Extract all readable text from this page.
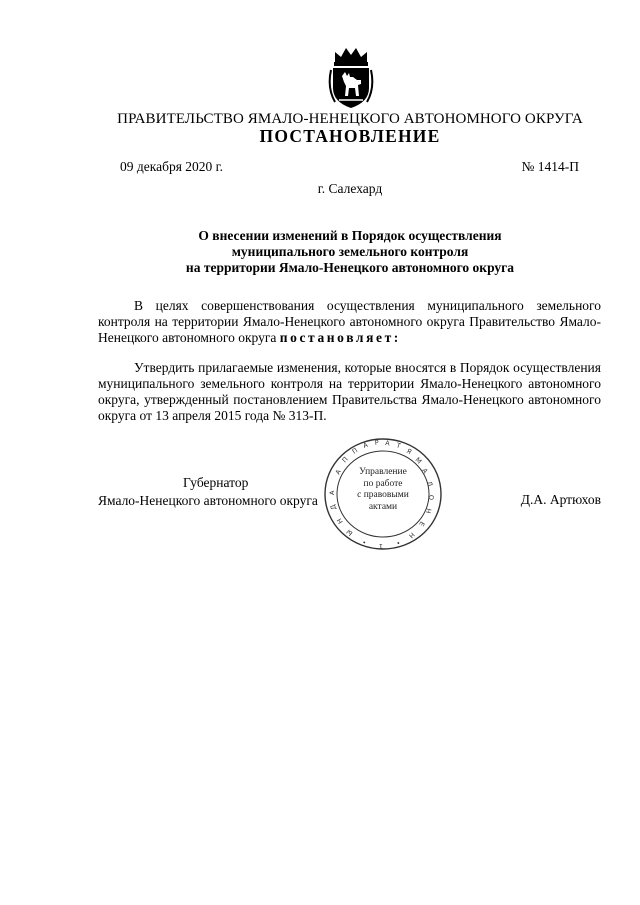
ПРАВИТЕЛЬСТВО ЯМАЛО-НЕНЕЦКОГО АВТОНОМНОГО ОКРУГА
ПОСТАНОВЛЕНИЕ
09 декабря 2020 г.	№ 1414-П
г. Салехард
О внесении изменений в Порядок осуществления
муниципального земельного контроля
на территории Ямало-Ненецкого автономного округа

В целях совершенствования осуществления муниципального земельного контроля на территории Ямало-Ненецкого автономного округа Правительство Ямало-Ненецкого автономного округа постановляет:

Утвердить прилагаемые изменения, которые вносятся в Порядок осуществления муниципального земельного контроля на территории Ямало-Ненецкого автономного округа, утвержденный постановлением Правительства Ямало-Ненецкого автономного округа от 13 апреля 2015 года № 313-П.

А
П
П
А Р А Т
Я
М
А
Л
О
Н
Е
Н
•
1
•
Ы
Н
Д
А
Управление
по работе
с правовыми
актами
Губернатор
Ямало-Ненецкого автономного округа	Д.А. Артюхов
